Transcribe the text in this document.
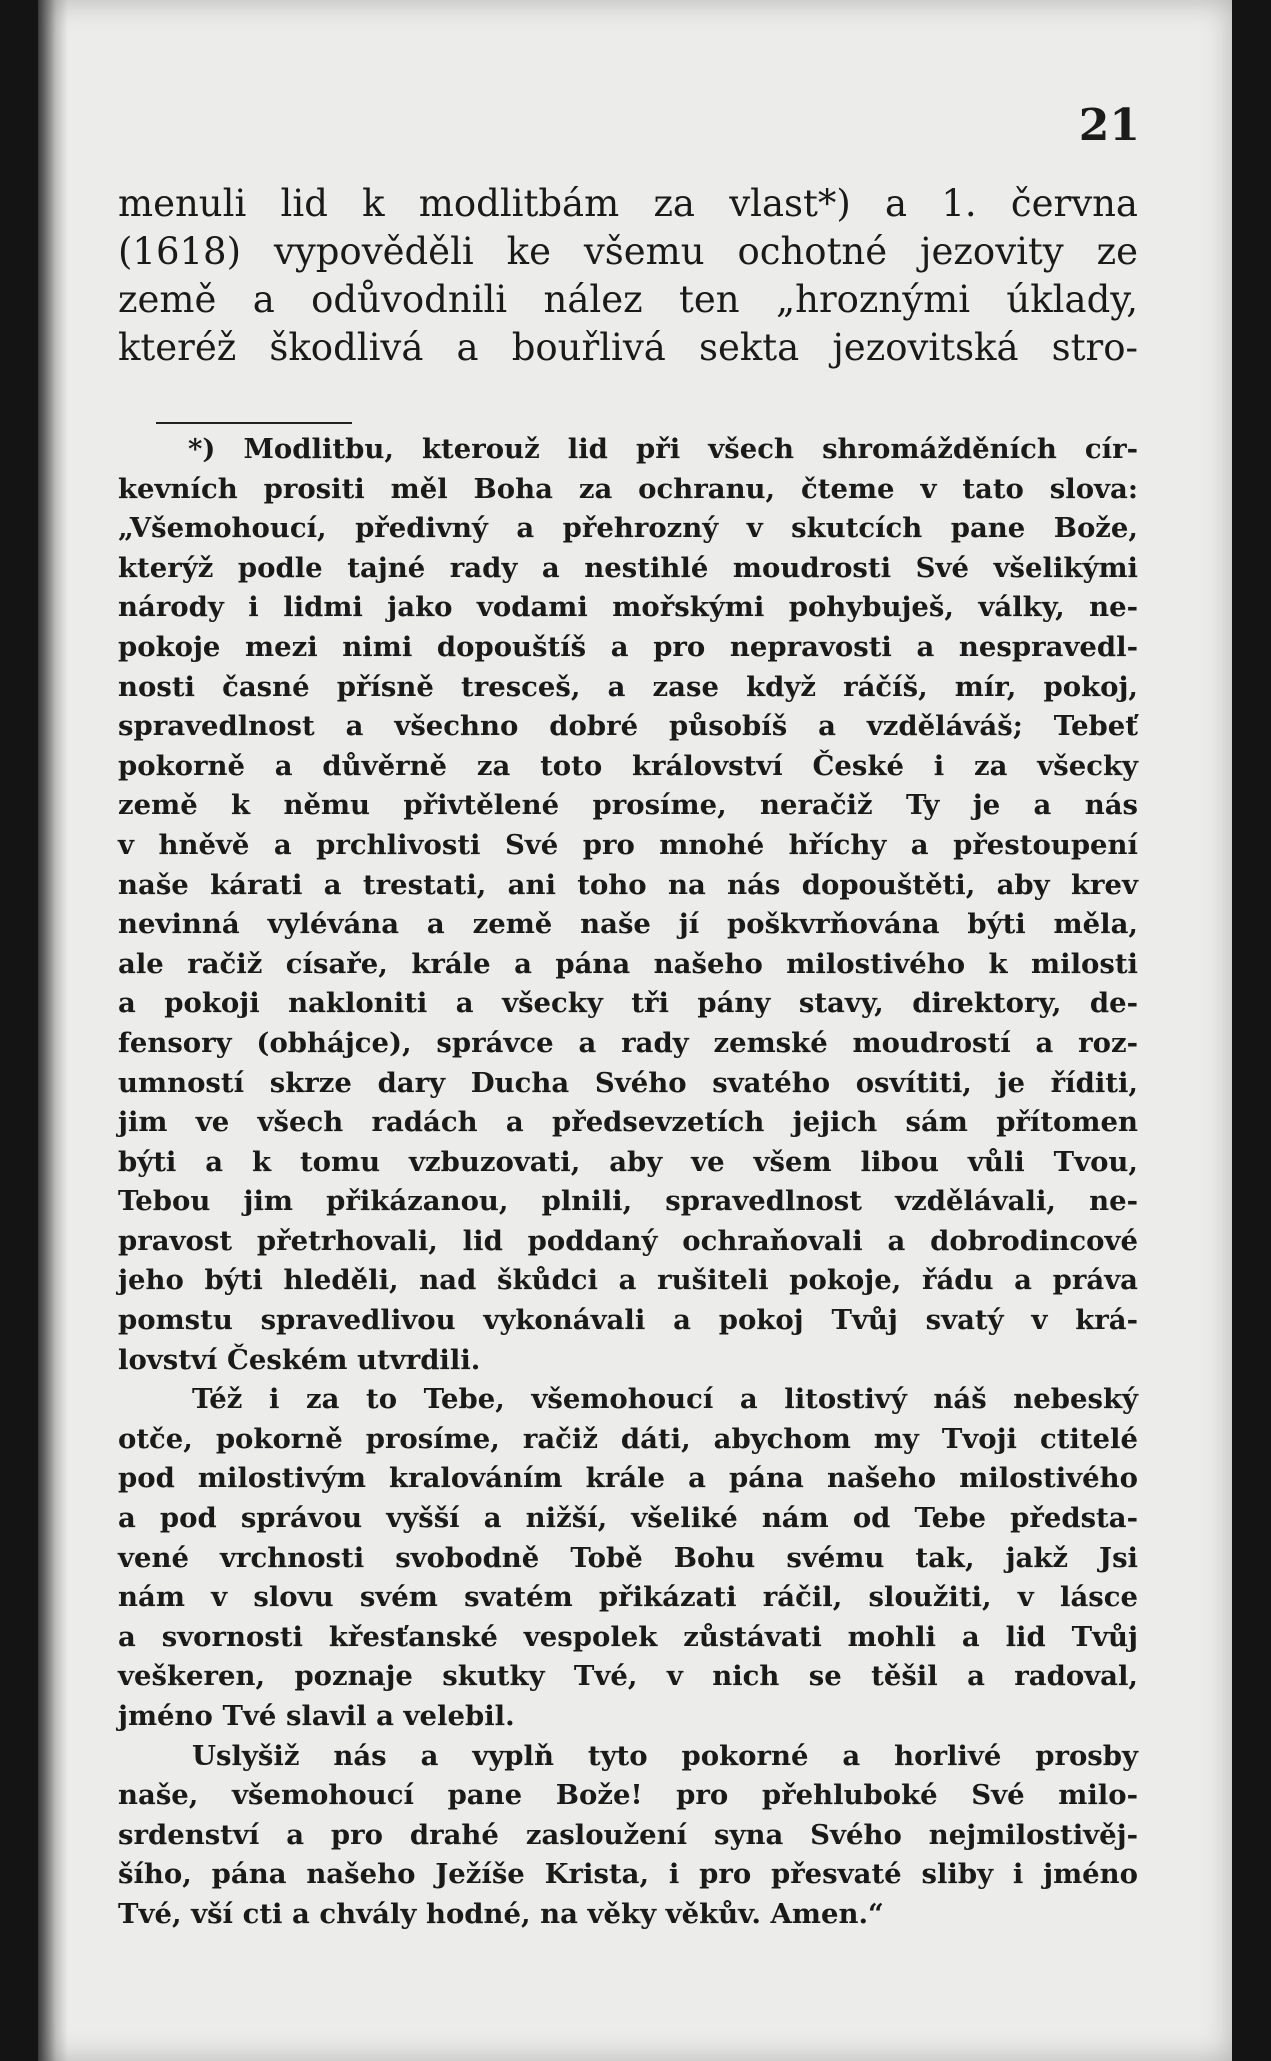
21
menuli lid k modlitbám za vlast*) a 1. června
(1618) vypověděli ke všemu ochotné jezovity ze
země a odůvodnili nález ten „hroznými úklady,
kteréž škodlivá a bouřlivá sekta jezovitská stro-
*) Modlitbu, kterouž lid při všech shromážděních cír-
kevních prositi měl Boha za ochranu, čteme v tato slova:
„Všemohoucí, předivný a přehrozný v skutcích pane Bože,
kterýž podle tajné rady a nestihlé moudrosti Své všelikými
národy i lidmi jako vodami mořskými pohybuješ, války, ne-
pokoje mezi nimi dopouštíš a pro nepravosti a nespravedl-
nosti časné přísně tresceš, a zase když ráčíš, mír, pokoj,
spravedlnost a všechno dobré působíš a vzděláváš; Tebeť
pokorně a důvěrně za toto království České i za všecky
země k němu přivtělené prosíme, neračiž Ty je a nás
v hněvě a prchlivosti Své pro mnohé hříchy a přestoupení
naše kárati a trestati, ani toho na nás dopouštěti, aby krev
nevinná vylévána a země naše jí poškvrňována býti měla,
ale račiž císaře, krále a pána našeho milostivého k milosti
a pokoji nakloniti a všecky tři pány stavy, direktory, de-
fensory (obhájce), správce a rady zemské moudrostí a roz-
umností skrze dary Ducha Svého svatého osvítiti, je říditi,
jim ve všech radách a předsevzetích jejich sám přítomen
býti a k tomu vzbuzovati, aby ve všem libou vůli Tvou,
Tebou jim přikázanou, plnili, spravedlnost vzdělávali, ne-
pravost přetrhovali, lid poddaný ochraňovali a dobrodincové
jeho býti hleděli, nad škůdci a rušiteli pokoje, řádu a práva
pomstu spravedlivou vykonávali a pokoj Tvůj svatý v krá-
lovství Českém utvrdili.
Též i za to Tebe, všemohoucí a litostivý náš nebeský
otče, pokorně prosíme, račiž dáti, abychom my Tvoji ctitelé
pod milostivým kralováním krále a pána našeho milostivého
a pod správou vyšší a nižší, všeliké nám od Tebe předsta-
vené vrchnosti svobodně Tobě Bohu svému tak, jakž Jsi
nám v slovu svém svatém přikázati ráčil, sloužiti, v lásce
a svornosti křesťanské vespolek zůstávati mohli a lid Tvůj
veškeren, poznaje skutky Tvé, v nich se těšil a radoval,
jméno Tvé slavil a velebil.
Uslyšiž nás a vyplň tyto pokorné a horlivé prosby
naše, všemohoucí pane Bože! pro přehluboké Své milo-
srdenství a pro drahé zasloužení syna Svého nejmilostivěj-
šího, pána našeho Ježíše Krista, i pro přesvaté sliby i jméno
Tvé, vší cti a chvály hodné, na věky věkův. Amen.“
